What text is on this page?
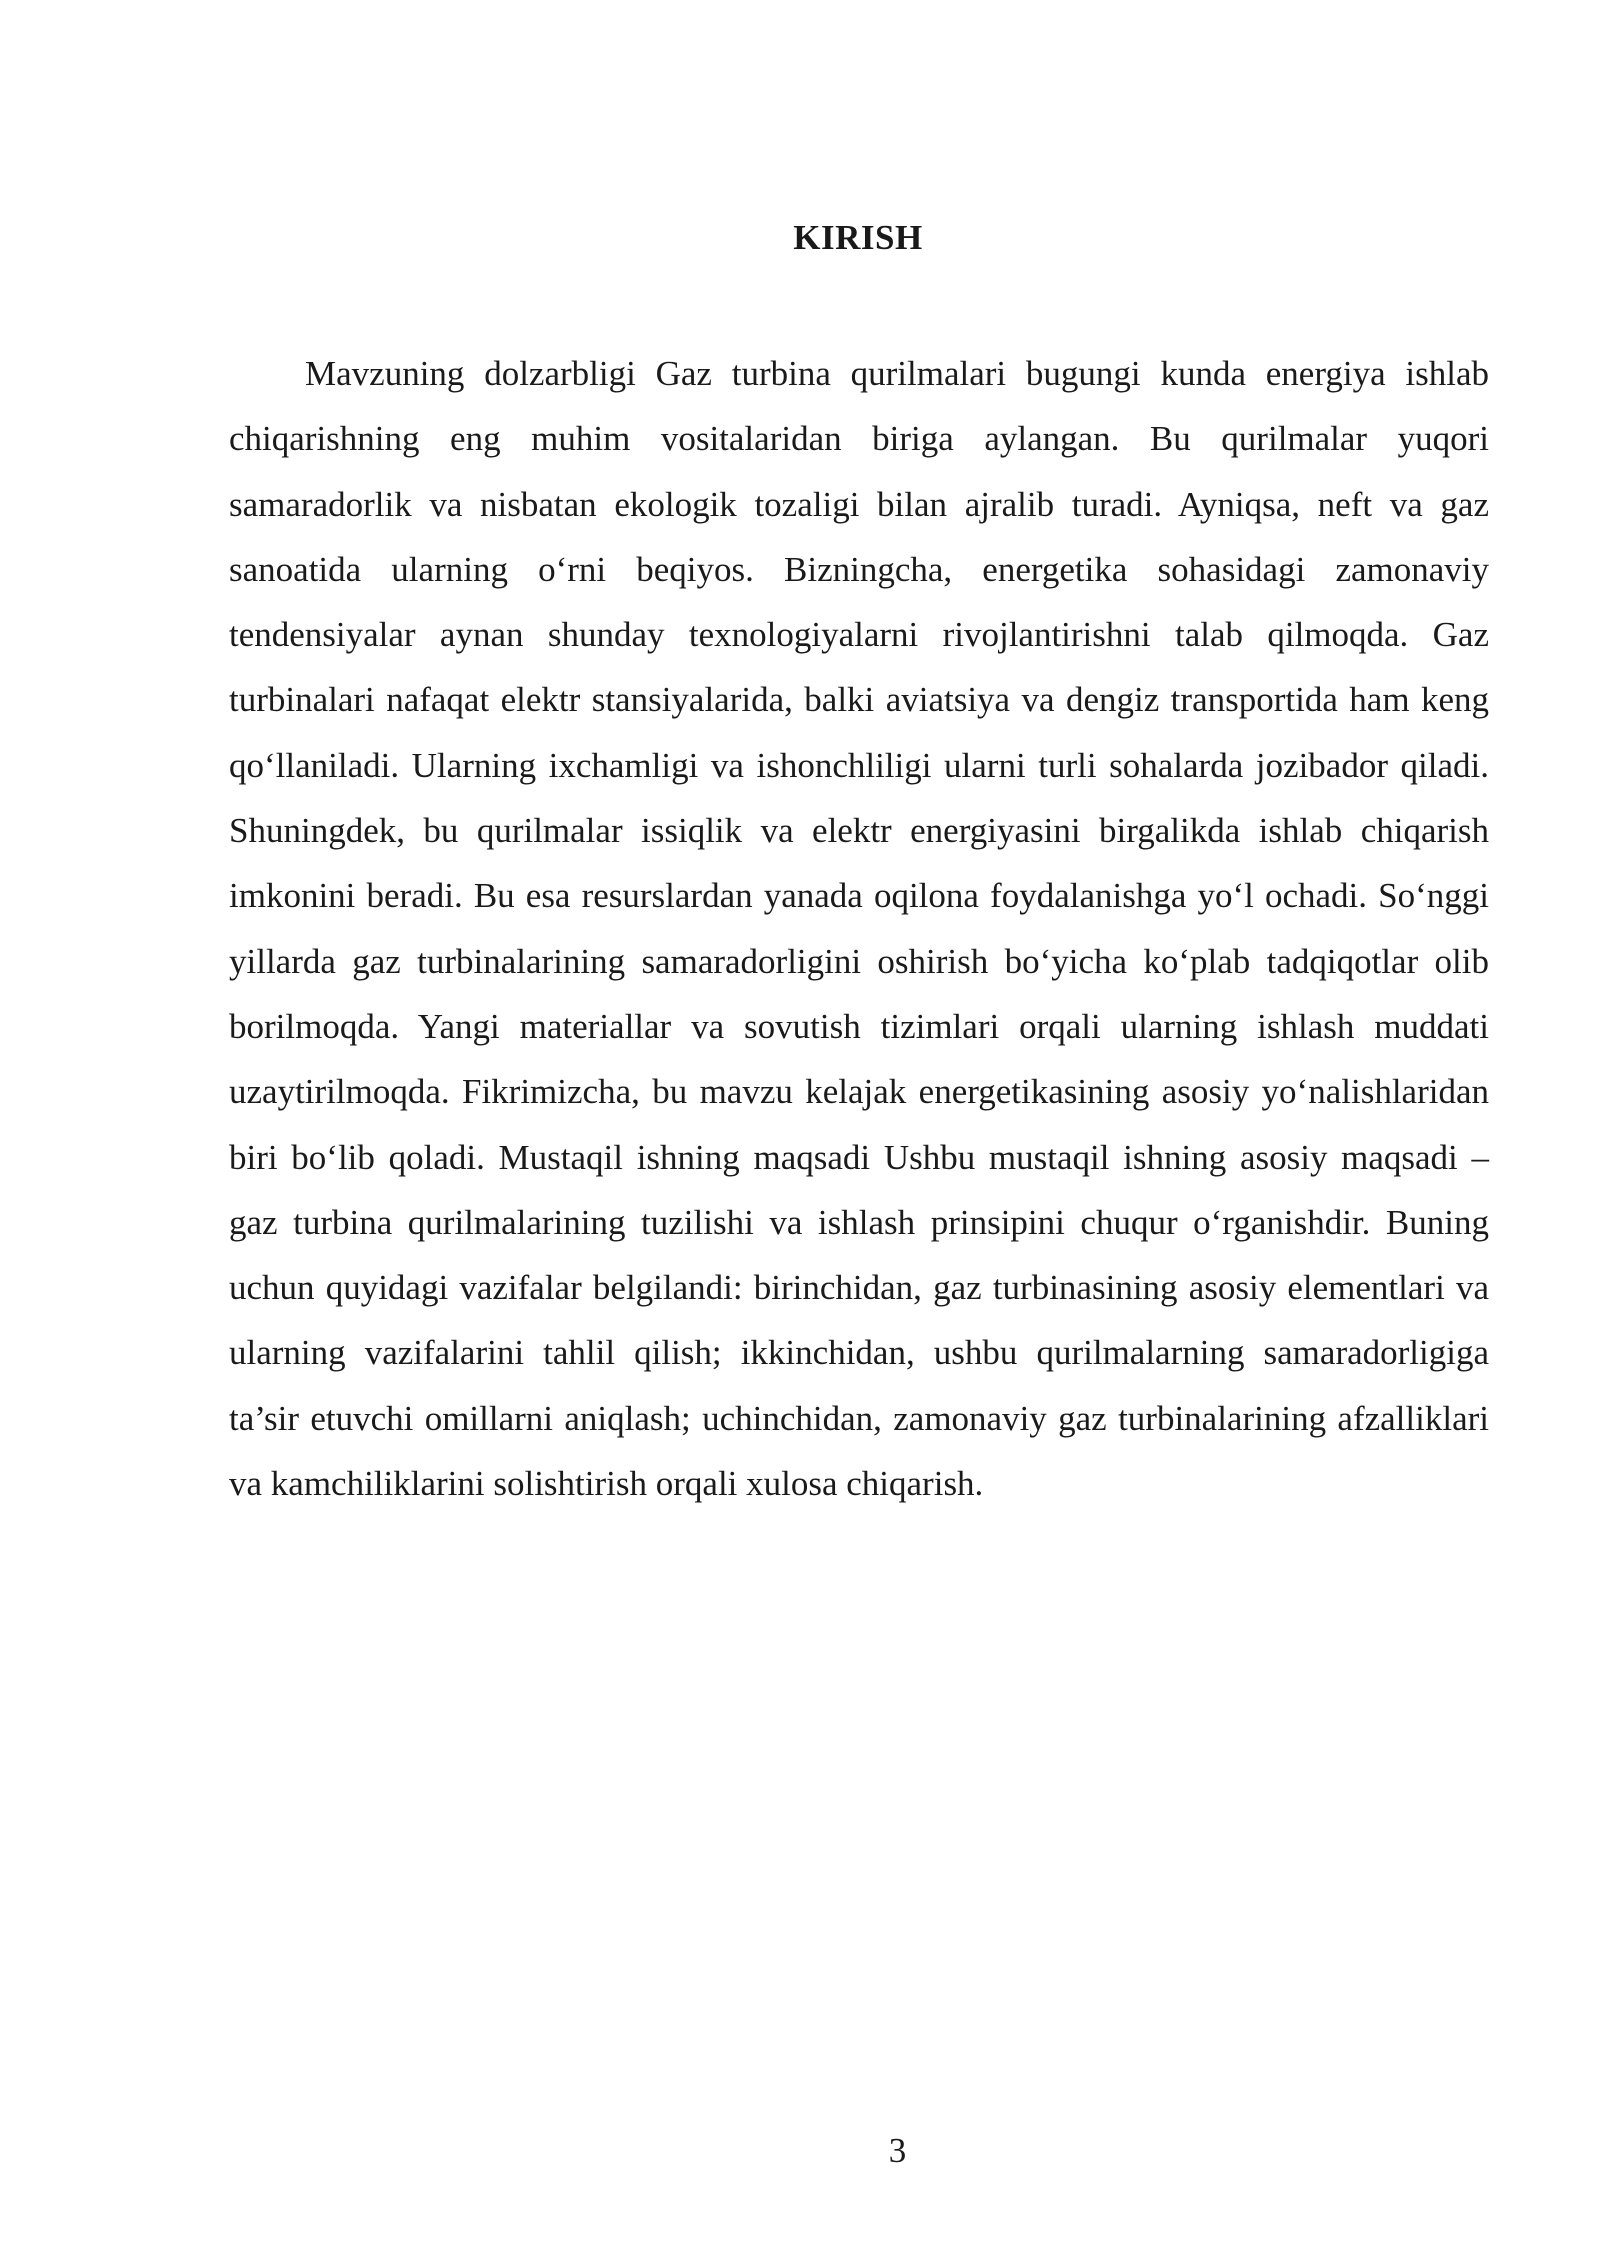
KIRISH

Mavzuning dolzarbligi Gaz turbina qurilmalari bugungi kunda energiya ishlab chiqarishning eng muhim vositalaridan biriga aylangan. Bu qurilmalar yuqori samaradorlik va nisbatan ekologik tozaligi bilan ajralib turadi. Ayniqsa, neft va gaz sanoatida ularning o‘rni beqiyos. Bizningcha, energetika sohasidagi zamonaviy tendensiyalar aynan shunday texnologiyalarni rivojlantirishni talab qilmoqda. Gaz turbinalari nafaqat elektr stansiyalarida, balki aviatsiya va dengiz transportida ham keng qo‘llaniladi. Ularning ixchamligi va ishonchliligi ularni turli sohalarda jozibador qiladi. Shuningdek, bu qurilmalar issiqlik va elektr energiyasini birgalikda ishlab chiqarish imkonini beradi. Bu esa resurslardan yanada oqilona foydalanishga yo‘l ochadi. So‘nggi yillarda gaz turbinalarining samaradorligini oshirish bo‘yicha ko‘plab tadqiqotlar olib borilmoqda. Yangi materiallar va sovutish tizimlari orqali ularning ishlash muddati uzaytirilmoqda. Fikrimizcha, bu mavzu kelajak energetikasining asosiy yo‘nalishlaridan biri bo‘lib qoladi. Mustaqil ishning maqsadi Ushbu mustaqil ishning asosiy maqsadi – gaz turbina qurilmalarining tuzilishi va ishlash prinsipini chuqur o‘rganishdir. Buning uchun quyidagi vazifalar belgilandi: birinchidan, gaz turbinasining asosiy elementlari va ularning vazifalarini tahlil qilish; ikkinchidan, ushbu qurilmalarning samaradorligiga ta’sir etuvchi omillarni aniqlash; uchinchidan, zamonaviy gaz turbinalarining afzalliklari va kamchiliklarini solishtirish orqali xulosa chiqarish.

3
